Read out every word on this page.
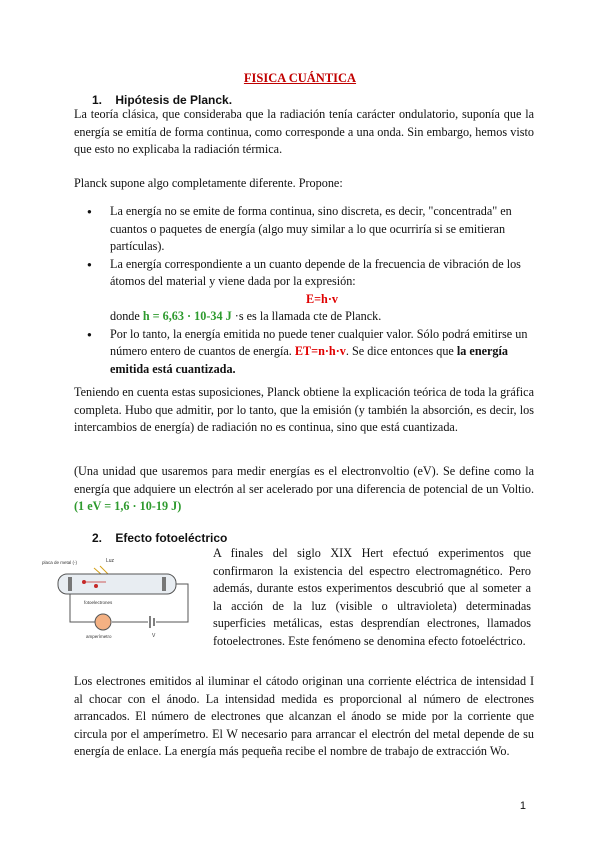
FISICA CUÁNTICA
1. Hipótesis de Planck.
La teoría clásica, que consideraba que la radiación tenía carácter ondulatorio, suponía que la energía se emitía de forma continua, como corresponde a una onda. Sin embargo, hemos visto que esto no explicaba la radiación térmica.
Planck supone algo completamente diferente. Propone:
● La energía no se emite de forma continua, sino discreta, es decir, "concentrada" en cuantos o paquetes de energía (algo muy similar a lo que ocurriría si se emitieran partículas).
● La energía correspondiente a un cuanto depende de la frecuencia de vibración de los átomos del material y viene dada por la expresión:
E=h·v
donde h = 6,63 · 10-34 J ·s es la llamada cte de Planck.
● Por lo tanto, la energía emitida no puede tener cualquier valor. Sólo podrá emitirse un número entero de cuantos de energía. ET=n·h·v. Se dice entonces que la energía emitida está cuantizada.
Teniendo en cuenta estas suposiciones, Planck obtiene la explicación teórica de toda la gráfica completa. Hubo que admitir, por lo tanto, que la emisión (y también la absorción, es decir, los intercambios de energía) de radiación no es continua, sino que está cuantizada.
(Una unidad que usaremos para medir energías es el electronvoltio (eV). Se define como la energía que adquiere un electrón al ser acelerado por una diferencia de potencial de un Voltio. (1 eV = 1,6 · 10-19 J)
2. Efecto fotoeléctrico
Luz
placa de metal (-)
fotoelectrones
amperímetro	V
A finales del siglo XIX Hert efectuó experimentos que confirmaron la existencia del espectro electromagnético. Pero además, durante estos experimentos descubrió que al someter a la acción de la luz (visible o ultravioleta) determinadas superficies metálicas, estas desprendían electrones, llamados fotoelectrones. Este fenómeno se denomina efecto fotoeléctrico.
Los electrones emitidos al iluminar el cátodo originan una corriente eléctrica de intensidad I al chocar con el ánodo. La intensidad medida es proporcional al número de electrones arrancados. El número de electrones que alcanzan el ánodo se mide por la corriente que circula por el amperímetro. El W necesario para arrancar el electrón del metal depende de su energía de enlace. La energía más pequeña recibe el nombre de trabajo de extracción Wo.
1
